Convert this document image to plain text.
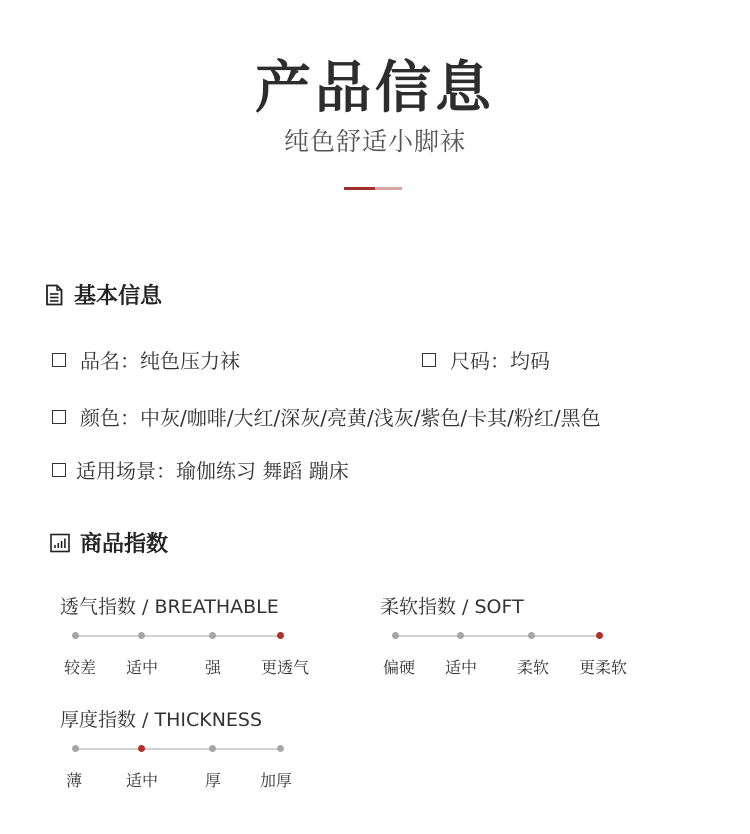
产品信息
纯色舒适小脚袜
基本信息
品名： 纯色压力袜	尺码： 均码
颜色： 中灰/咖啡/大红/深灰/亮黄/浅灰/紫色/卡其/粉红/黑色
适用场景： 瑜伽练习 舞蹈 蹦床
商品指数
透气指数 / BREATHABLE
较差	适中	强	更透气
柔软指数 / SOFT
偏硬	适中	柔软	更柔软
厚度指数 / THICKNESS
薄	适中	厚	加厚
